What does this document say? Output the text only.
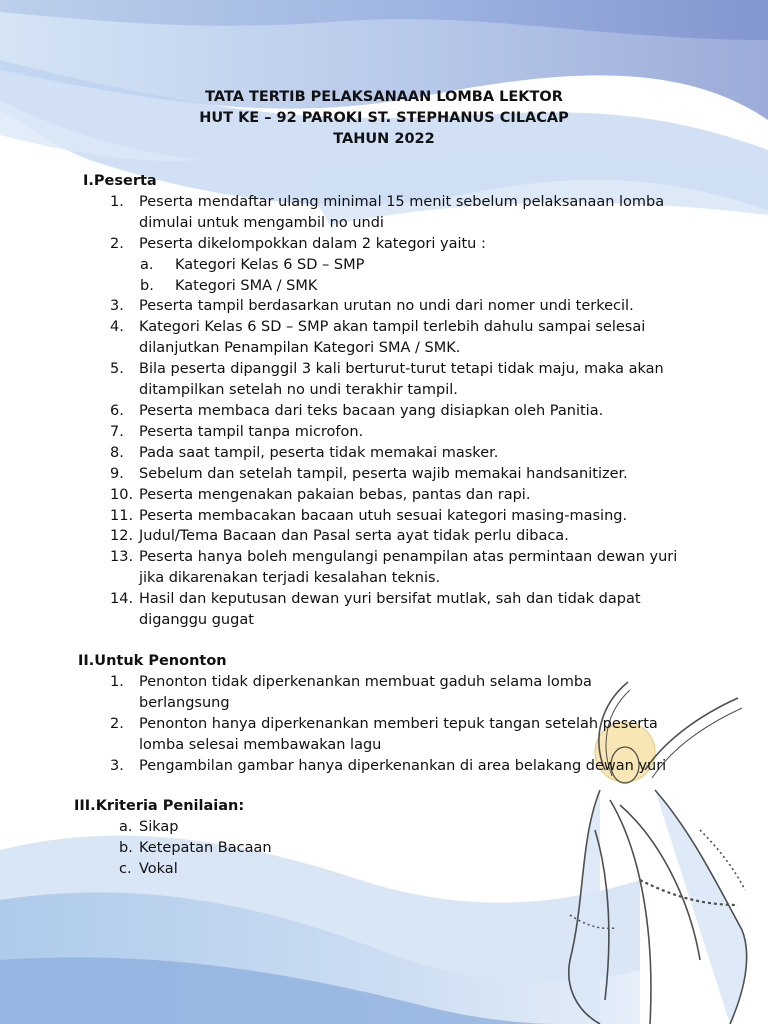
TATA TERTIB PELAKSANAAN LOMBA LEKTOR
HUT KE – 92 PAROKI ST. STEPHANUS CILACAP
TAHUN 2022
I.Peserta
1.	Peserta mendaftar ulang minimal 15 menit sebelum pelaksanaan lomba dimulai untuk mengambil no undi
2.	Peserta dikelompokkan dalam 2 kategori yaitu :
a. Kategori Kelas 6 SD – SMP
b. Kategori SMA / SMK
3.	Peserta tampil berdasarkan urutan no undi dari nomer undi terkecil.
4.	Kategori Kelas 6 SD – SMP akan tampil terlebih dahulu sampai selesai dilanjutkan Penampilan Kategori SMA / SMK.
5.	Bila peserta dipanggil 3 kali berturut-turut tetapi tidak maju, maka akan ditampilkan setelah no undi terakhir tampil.
6.	Peserta membaca dari teks bacaan yang disiapkan oleh Panitia.
7.	Peserta tampil tanpa microfon.
8.	Pada saat tampil, peserta tidak memakai masker.
9.	Sebelum dan setelah tampil, peserta wajib memakai handsanitizer.
10. Peserta mengenakan pakaian bebas, pantas dan rapi.
11. Peserta membacakan bacaan utuh sesuai kategori masing-masing.
12. Judul/Tema Bacaan dan Pasal serta ayat tidak perlu dibaca.
13. Peserta hanya boleh mengulangi penampilan atas permintaan dewan yuri jika dikarenakan terjadi kesalahan teknis.
14. Hasil dan keputusan dewan yuri bersifat mutlak, sah dan tidak dapat diganggu gugat
II.Untuk Penonton
1.	Penonton tidak diperkenankan membuat gaduh selama lomba berlangsung
2.	Penonton hanya diperkenankan memberi tepuk tangan setelah peserta lomba selesai membawakan lagu
3.	Pengambilan gambar hanya diperkenankan di area belakang dewan yuri
III.Kriteria Penilaian:
a. Sikap
b. Ketepatan Bacaan
c. Vokal
